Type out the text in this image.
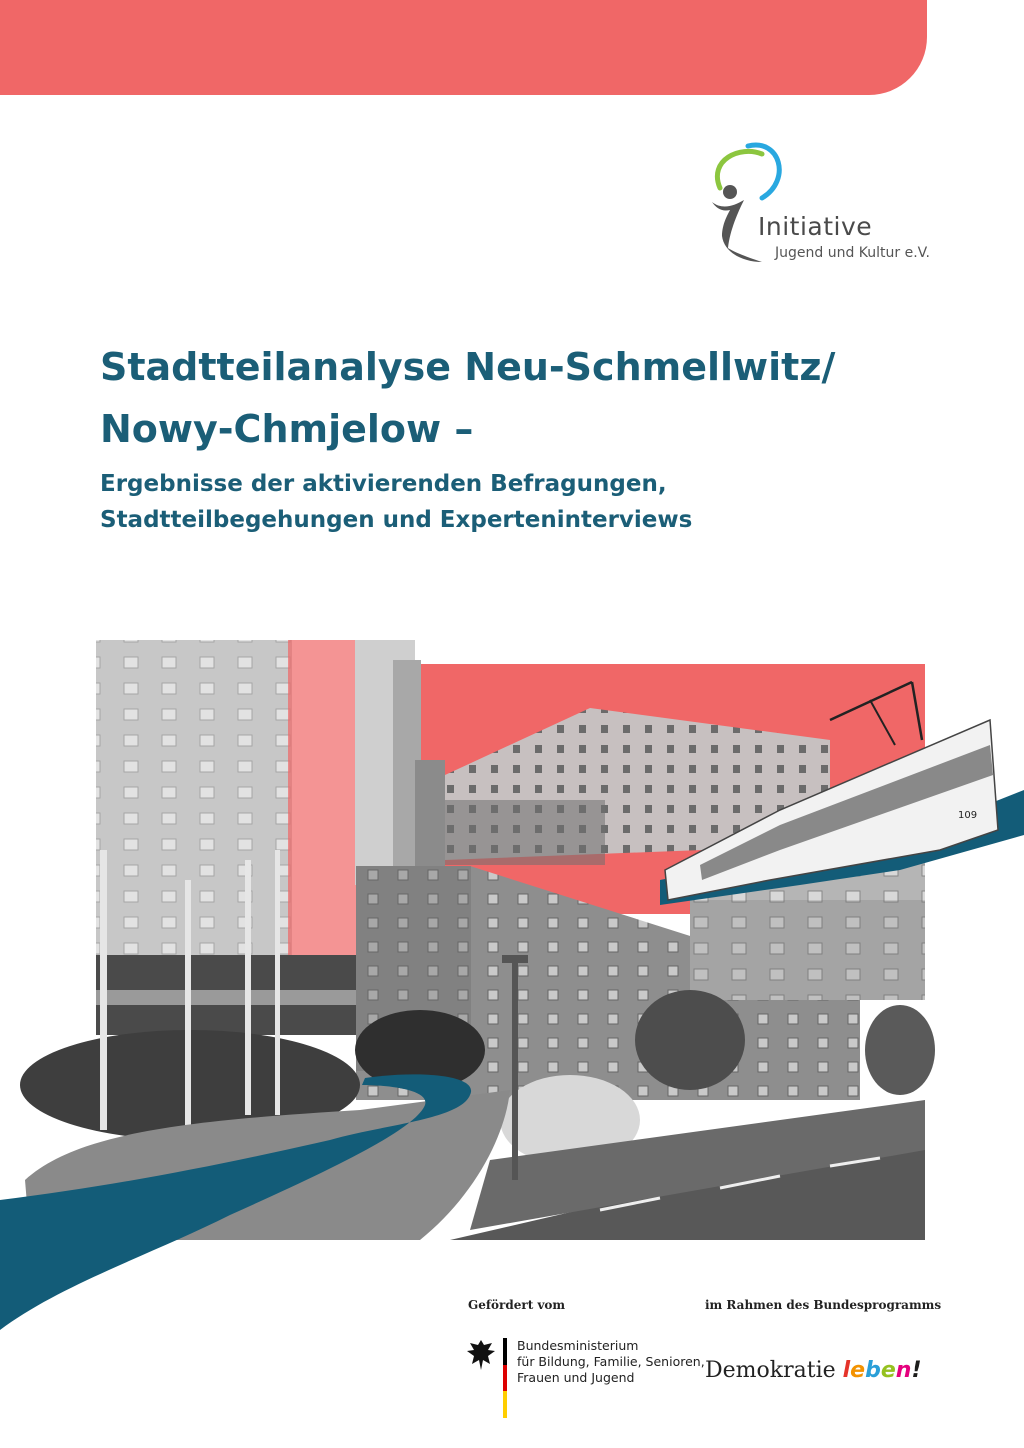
Initiative
Jugend und Kultur e.V.
Stadtteilanalyse Neu-Schmellwitz/
Nowy-Chmjelow –
Ergebnisse der aktivierenden Befragungen,
Stadtteilbegehungen und Experteninterviews
109
Gefördert vom	im Rahmen des Bundesprogramms
Bundesministerium
für Bildung, Familie, Senioren,
Frauen und Jugend	Demokratie leben!
